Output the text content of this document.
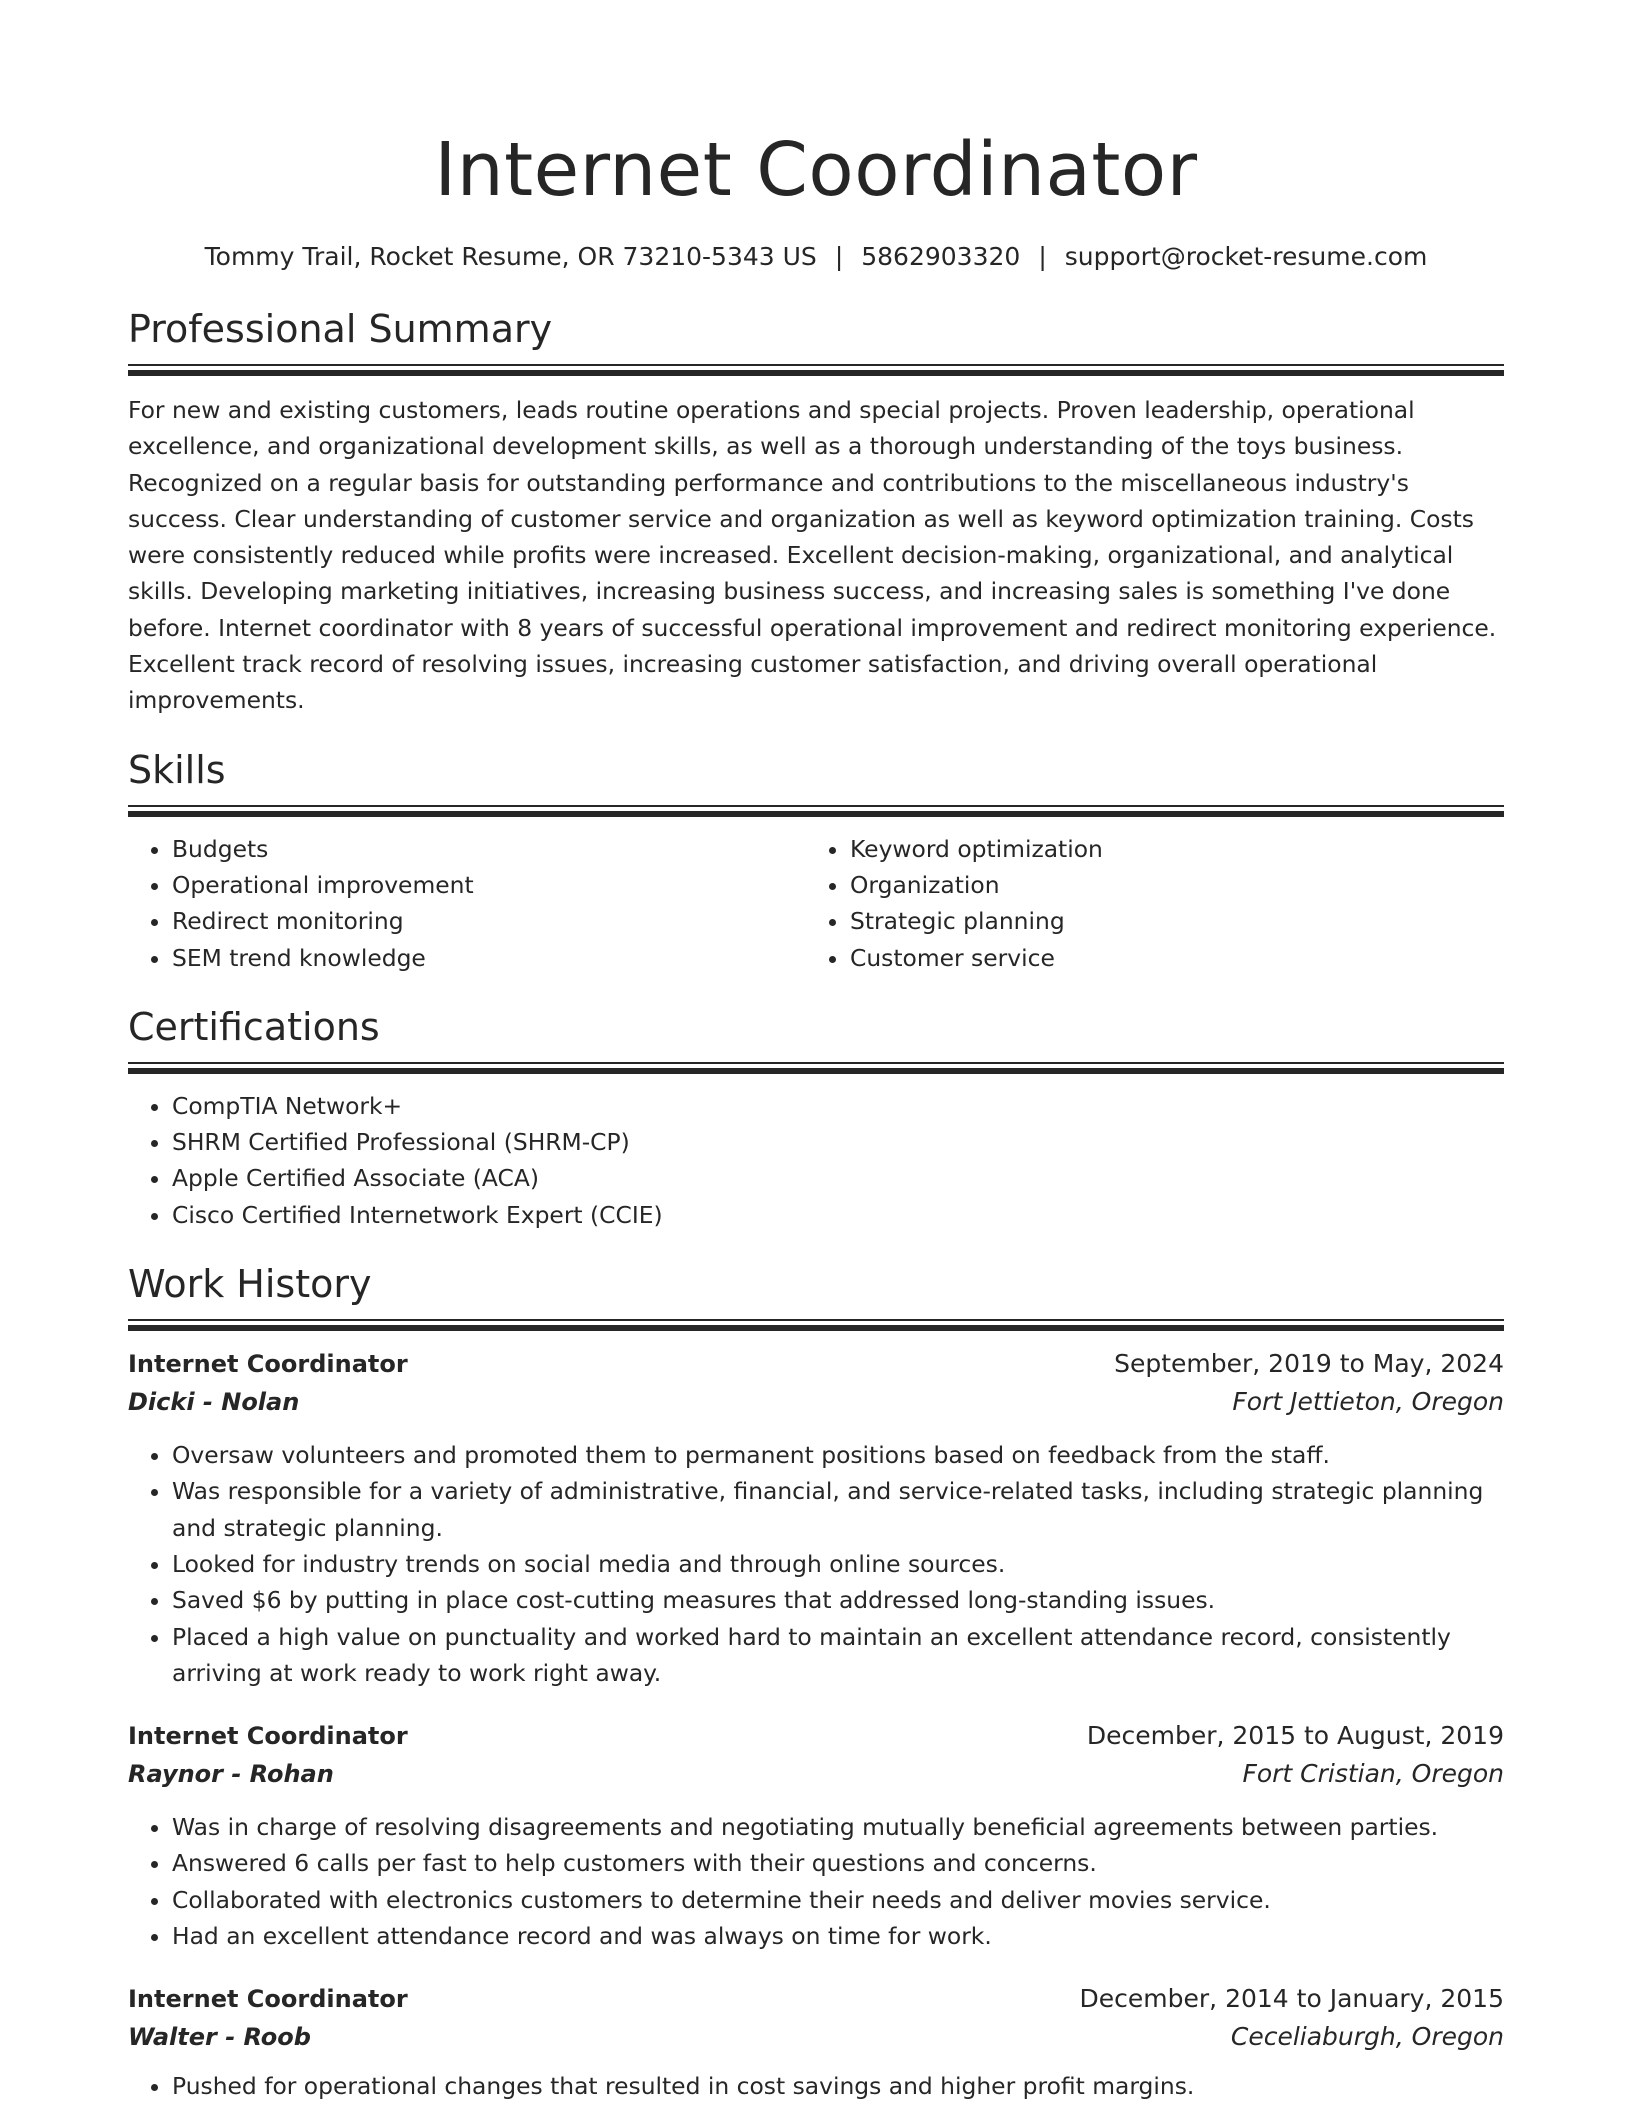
Internet Coordinator
Tommy Trail, Rocket Resume, OR 73210-5343 US | 5862903320 | support@rocket-resume.com
Professional Summary
For new and existing customers, leads routine operations and special projects. Proven leadership, operational excellence, and organizational development skills, as well as a thorough understanding of the toys business. Recognized on a regular basis for outstanding performance and contributions to the miscellaneous industry's success. Clear understanding of customer service and organization as well as keyword optimization training. Costs were consistently reduced while profits were increased. Excellent decision-making, organizational, and analytical skills. Developing marketing initiatives, increasing business success, and increasing sales is something I've done before. Internet coordinator with 8 years of successful operational improvement and redirect monitoring experience. Excellent track record of resolving issues, increasing customer satisfaction, and driving overall operational improvements.
Skills
• Budgets
• Operational improvement
• Redirect monitoring
• SEM trend knowledge
• Keyword optimization
• Organization
• Strategic planning
• Customer service
Certifications
• CompTIA Network+
• SHRM Certified Professional (SHRM-CP)
• Apple Certified Associate (ACA)
• Cisco Certified Internetwork Expert (CCIE)
Work History
Internet Coordinator	September, 2019 to May, 2024
Dicki - Nolan	Fort Jettieton, Oregon
• Oversaw volunteers and promoted them to permanent positions based on feedback from the staff.
• Was responsible for a variety of administrative, financial, and service-related tasks, including strategic planning and strategic planning.
• Looked for industry trends on social media and through online sources.
• Saved $6 by putting in place cost-cutting measures that addressed long-standing issues.
• Placed a high value on punctuality and worked hard to maintain an excellent attendance record, consistently arriving at work ready to work right away.
Internet Coordinator	December, 2015 to August, 2019
Raynor - Rohan	Fort Cristian, Oregon
• Was in charge of resolving disagreements and negotiating mutually beneficial agreements between parties.
• Answered 6 calls per fast to help customers with their questions and concerns.
• Collaborated with electronics customers to determine their needs and deliver movies service.
• Had an excellent attendance record and was always on time for work.
Internet Coordinator	December, 2014 to January, 2015
Walter - Roob	Ceceliaburgh, Oregon
• Pushed for operational changes that resulted in cost savings and higher profit margins.
